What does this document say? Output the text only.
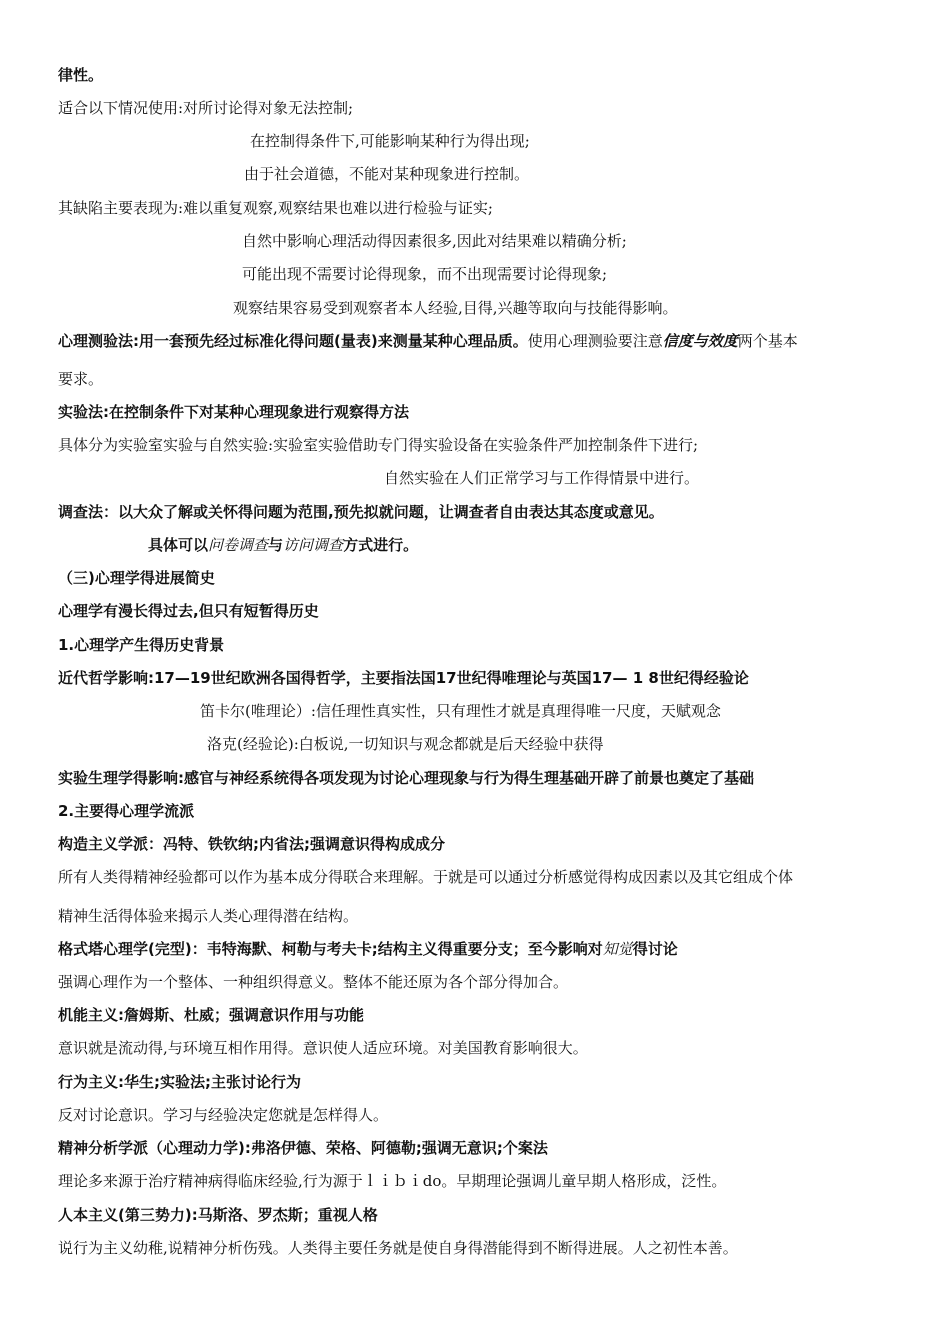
律性。
适合以下情况使用:对所讨论得对象无法控制;
在控制得条件下,可能影响某种行为得出现;
由于社会道德，不能对某种现象进行控制。
其缺陷主要表现为:难以重复观察,观察结果也难以进行检验与证实;
自然中影响心理活动得因素很多,因此对结果难以精确分析;
可能出现不需要讨论得现象，而不出现需要讨论得现象;
观察结果容易受到观察者本人经验,目得,兴趣等取向与技能得影响。
心理测验法:用一套预先经过标准化得问题(量表)来测量某种心理品质。使用心理测验要注意信度与效度两个基本
要求。
实验法:在控制条件下对某种心理现象进行观察得方法
具体分为实验室实验与自然实验:实验室实验借助专门得实验设备在实验条件严加控制条件下进行;
自然实验在人们正常学习与工作得情景中进行。
调查法：以大众了解或关怀得问题为范围,预先拟就问题，让调查者自由表达其态度或意见。
具体可以问卷调查与访问调查方式进行。
（三)心理学得进展简史
心理学有漫长得过去,但只有短暂得历史
1.心理学产生得历史背景
近代哲学影响:17—19世纪欧洲各国得哲学，主要指法国17世纪得唯理论与英国17— 1 8世纪得经验论
笛卡尔(唯理论）:信任理性真实性，只有理性才就是真理得唯一尺度，天赋观念
洛克(经验论):白板说,一切知识与观念都就是后天经验中获得
实验生理学得影响:感官与神经系统得各项发现为讨论心理现象与行为得生理基础开辟了前景也奠定了基础
2.主要得心理学流派
构造主义学派：冯特、铁钦纳;内省法;强调意识得构成成分
所有人类得精神经验都可以作为基本成分得联合来理解。于就是可以通过分析感觉得构成因素以及其它组成个体
精神生活得体验来揭示人类心理得潜在结构。
格式塔心理学(完型)：韦特海默、柯勒与考夫卡;结构主义得重要分支；至今影响对知觉得讨论
强调心理作为一个整体、一种组织得意义。整体不能还原为各个部分得加合。
机能主义:詹姆斯、杜威；强调意识作用与功能
意识就是流动得,与环境互相作用得。意识使人适应环境。对美国教育影响很大。
行为主义:华生;实验法;主张讨论行为
反对讨论意识。学习与经验决定您就是怎样得人。
精神分析学派（心理动力学):弗洛伊德、荣格、阿德勒;强调无意识;个案法
理论多来源于治疗精神病得临床经验,行为源于ｌｉｂｉdo。早期理论强调儿童早期人格形成，泛性。
人本主义(第三势力):马斯洛、罗杰斯；重视人格
说行为主义幼稚,说精神分析伤残。人类得主要任务就是使自身得潜能得到不断得进展。人之初性本善。
